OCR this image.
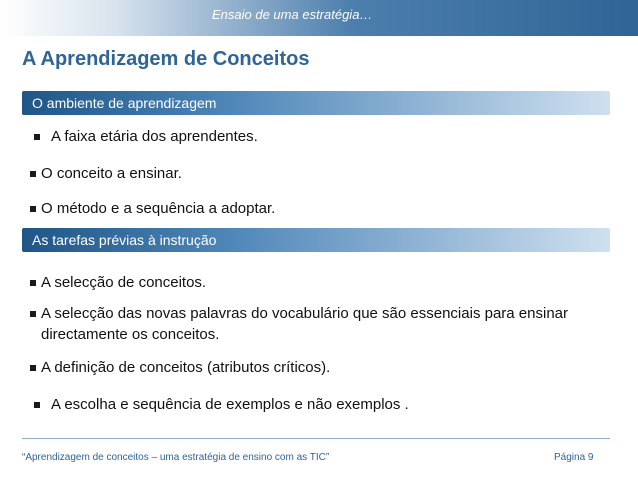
Ensaio de uma estratégia…
A Aprendizagem de Conceitos
O ambiente de aprendizagem
A faixa etária dos aprendentes.
O conceito a ensinar.
O método e a sequência a adoptar.
As tarefas prévias à instrução
A selecção de conceitos.
A selecção das novas palavras do vocabulário que são essenciais para ensinar directamente os conceitos.
A definição de conceitos (atributos críticos).
A escolha e sequência de exemplos e não exemplos .
“Aprendizagem de conceitos – uma estratégia de ensino com as TIC”	Página 9
